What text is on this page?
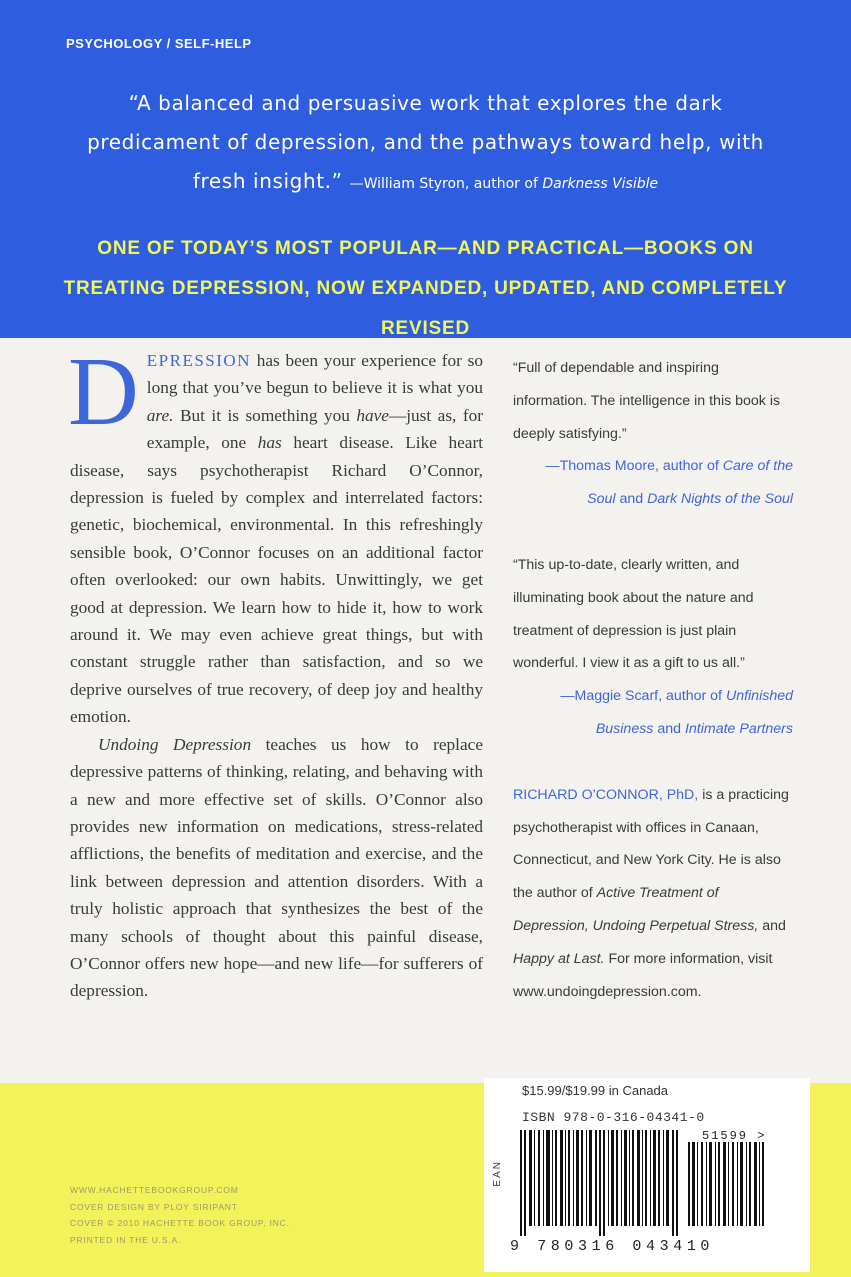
PSYCHOLOGY / SELF-HELP
“A balanced and persuasive work that explores the dark predicament of depression, and the pathways toward help, with fresh insight.” —William Styron, author of Darkness Visible
ONE OF TODAY’S MOST POPULAR—AND PRACTICAL—BOOKS ON
TREATING DEPRESSION, NOW EXPANDED, UPDATED, AND COMPLETELY REVISED

DEPRESSION has been your experience for so long that you’ve begun to believe it is what you are. But it is something you have—just as, for example, one has heart disease. Like heart disease, says psychotherapist Richard O’Connor, depression is fueled by complex and interrelated factors: genetic, biochemical, environmental. In this refreshingly sensible book, O’Connor focuses on an additional factor often overlooked: our own habits. Unwittingly, we get good at depression. We learn how to hide it, how to work around it. We may even achieve great things, but with constant struggle rather than satisfaction, and so we deprive ourselves of true recovery, of deep joy and healthy emotion.

Undoing Depression teaches us how to replace depressive patterns of thinking, relating, and behaving with a new and more effective set of skills. O’Connor also provides new information on medications, stress-related afflictions, the benefits of meditation and exercise, and the link between depression and attention disorders. With a truly holistic approach that synthesizes the best of the many schools of thought about this painful disease, O’Connor offers new hope—and new life—for sufferers of depression.

“Full of dependable and inspiring information. The intelligence in this book is deeply satisfying.”
—Thomas Moore, author of Care of the Soul and Dark Nights of the Soul
“This up-to-date, clearly written, and illuminating book about the nature and treatment of depression is just plain wonderful. I view it as a gift to us all.”
—Maggie Scarf, author of Unfinished Business and Intimate Partners
RICHARD O’CONNOR, PhD, is a practicing psychotherapist with offices in Canaan, Connecticut, and New York City. He is also the author of Active Treatment of Depression, Undoing Perpetual Stress, and Happy at Last. For more information, visit www.undoingdepression.com.
WWW.HACHETTEBOOKGROUP.COM
COVER DESIGN BY PLOY SIRIPANT
COVER © 2010 HACHETTE BOOK GROUP, INC.
PRINTED IN THE U.S.A.
$15.99/$19.99 in Canada
ISBN 978-0-316-04341-0
EAN
9 780316 043410
51599 >
